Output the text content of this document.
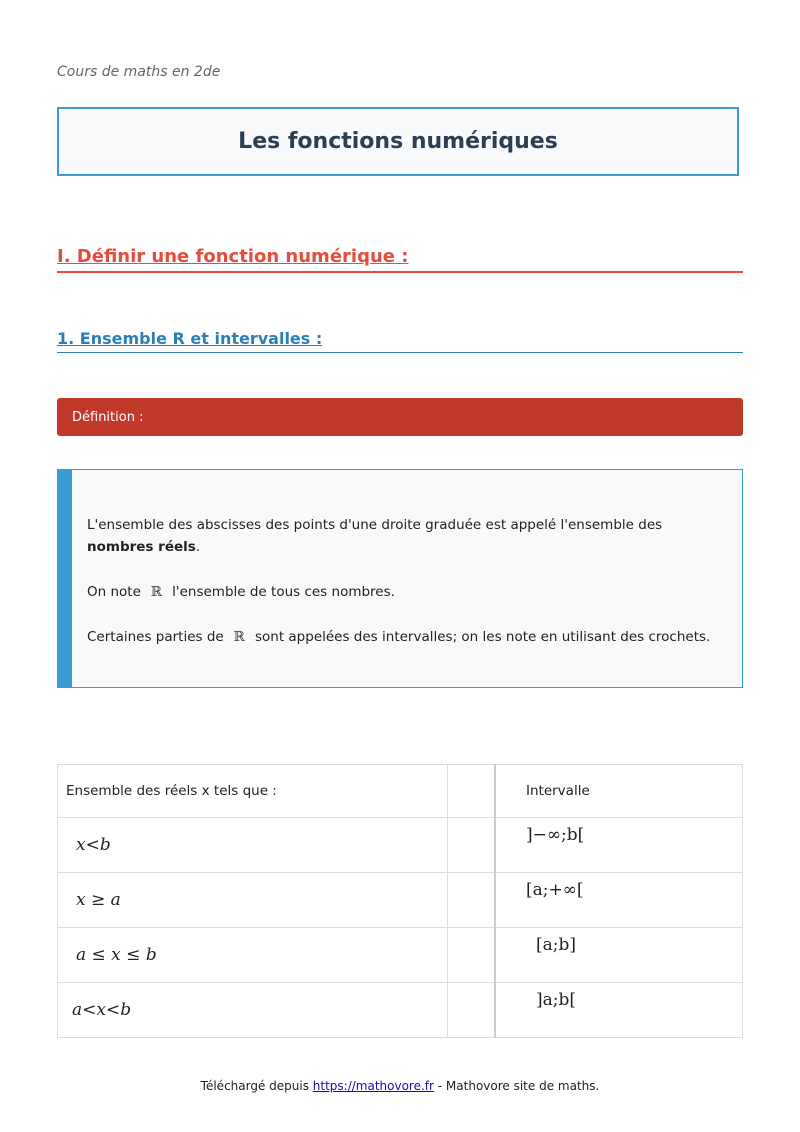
Cours de maths en 2de
Les fonctions numériques
I. Définir une fonction numérique :
1. Ensemble R et intervalles :
Définition :

L'ensemble des abscisses des points d'une droite graduée est appelé l'ensemble des nombres réels.

On note ℝ l'ensemble de tous ces nombres.

Certaines parties de ℝ sont appelées des intervalles; on les note en utilisant des crochets.

Ensemble des réels x tels que :		Intervalle
x<b		]−∞;b[
x ≥ a		[a;+∞[
a ≤ x ≤ b		[a;b]
a<x<b		]a;b[
Téléchargé depuis https://mathovore.fr - Mathovore site de maths.
